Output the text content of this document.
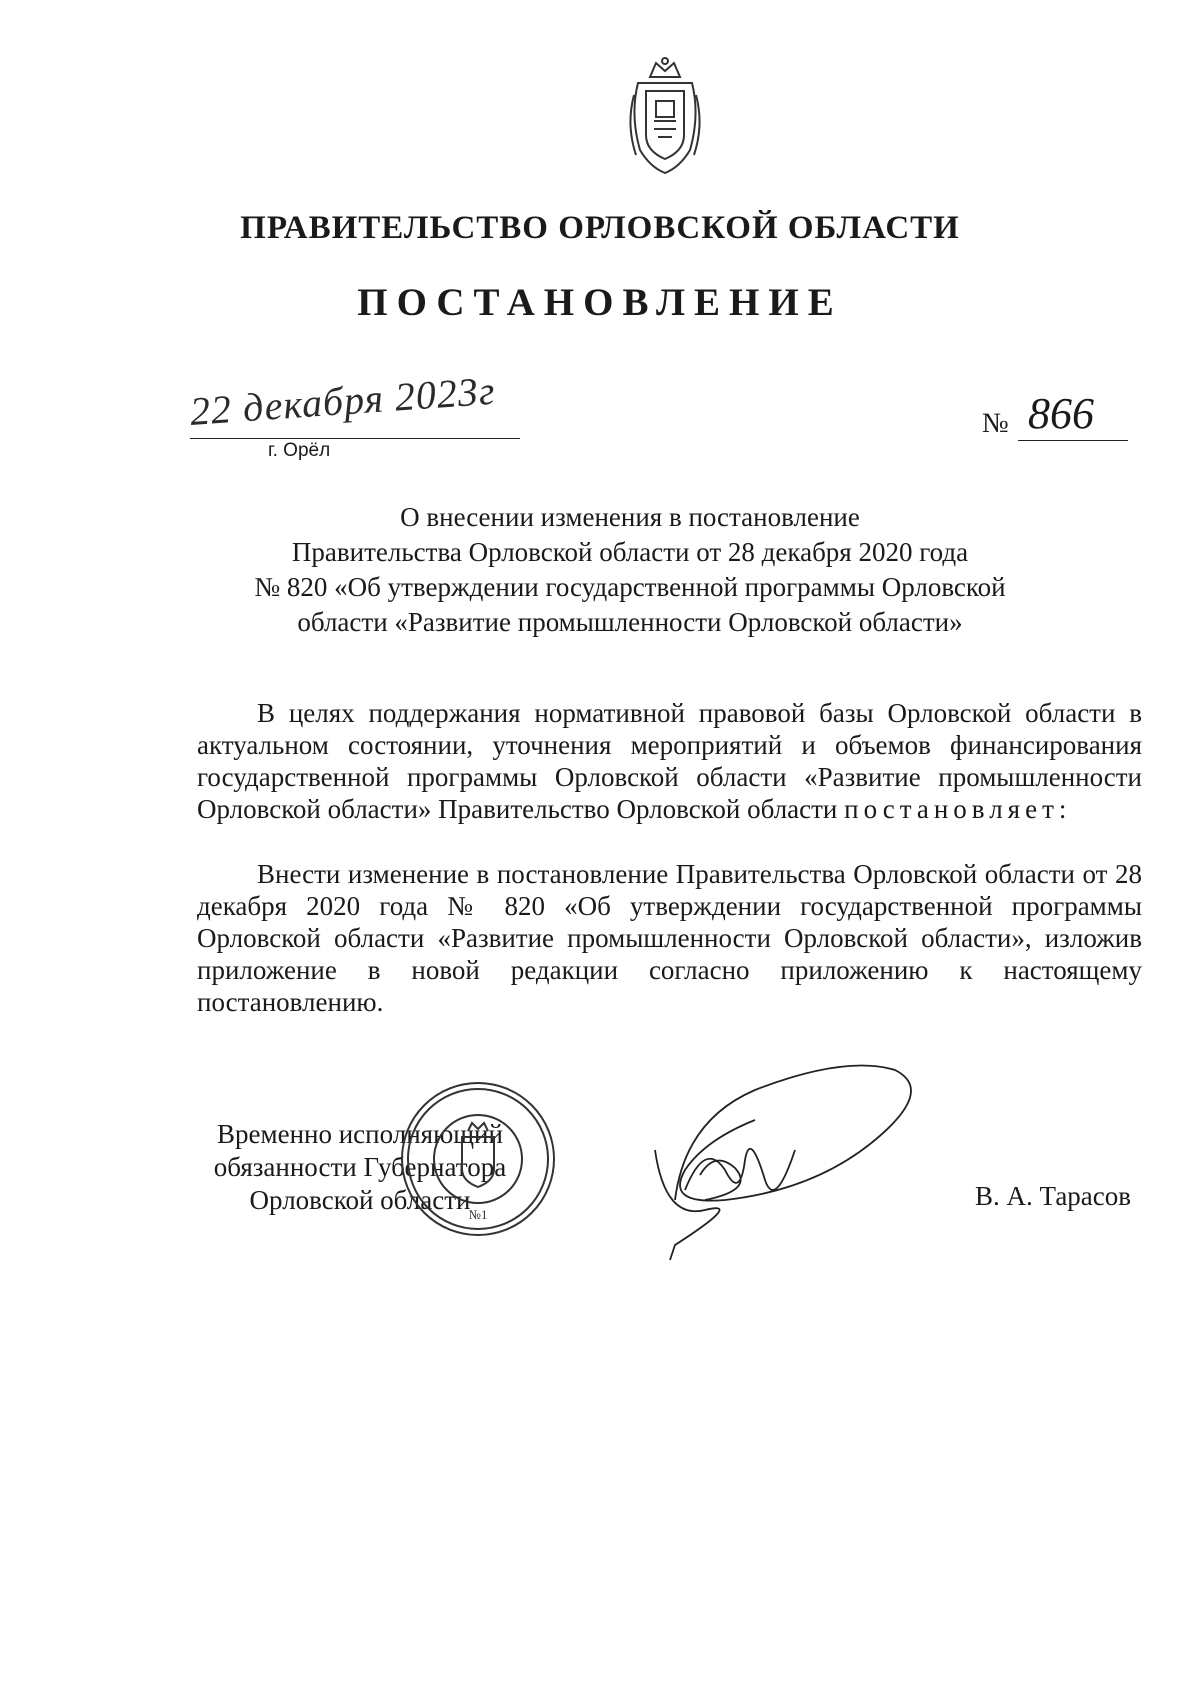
ПРАВИТЕЛЬСТВО ОРЛОВСКОЙ ОБЛАСТИ
ПОСТАНОВЛЕНИЕ
22 декабря 2023г
г. Орёл
№ 866
О внесении изменения в постановление
Правительства Орловской области от 28 декабря 2020 года
№ 820 «Об утверждении государственной программы Орловской
области «Развитие промышленности Орловской области»
В целях поддержания нормативной правовой базы Орловской области в актуальном состоянии, уточнения мероприятий и объемов финансирования государственной программы Орловской области «Развитие промышленности Орловской области» Правительство Орловской области постановляет:
Внести изменение в постановление Правительства Орловской области от 28 декабря 2020 года № 820 «Об утверждении государственной программы Орловской области «Развитие промышленности Орловской области», изложив приложение в новой редакции согласно приложению к настоящему постановлению.
Временно исполняющий
обязанности Губернатора
Орловской области
№1
В. А. Тарасов
